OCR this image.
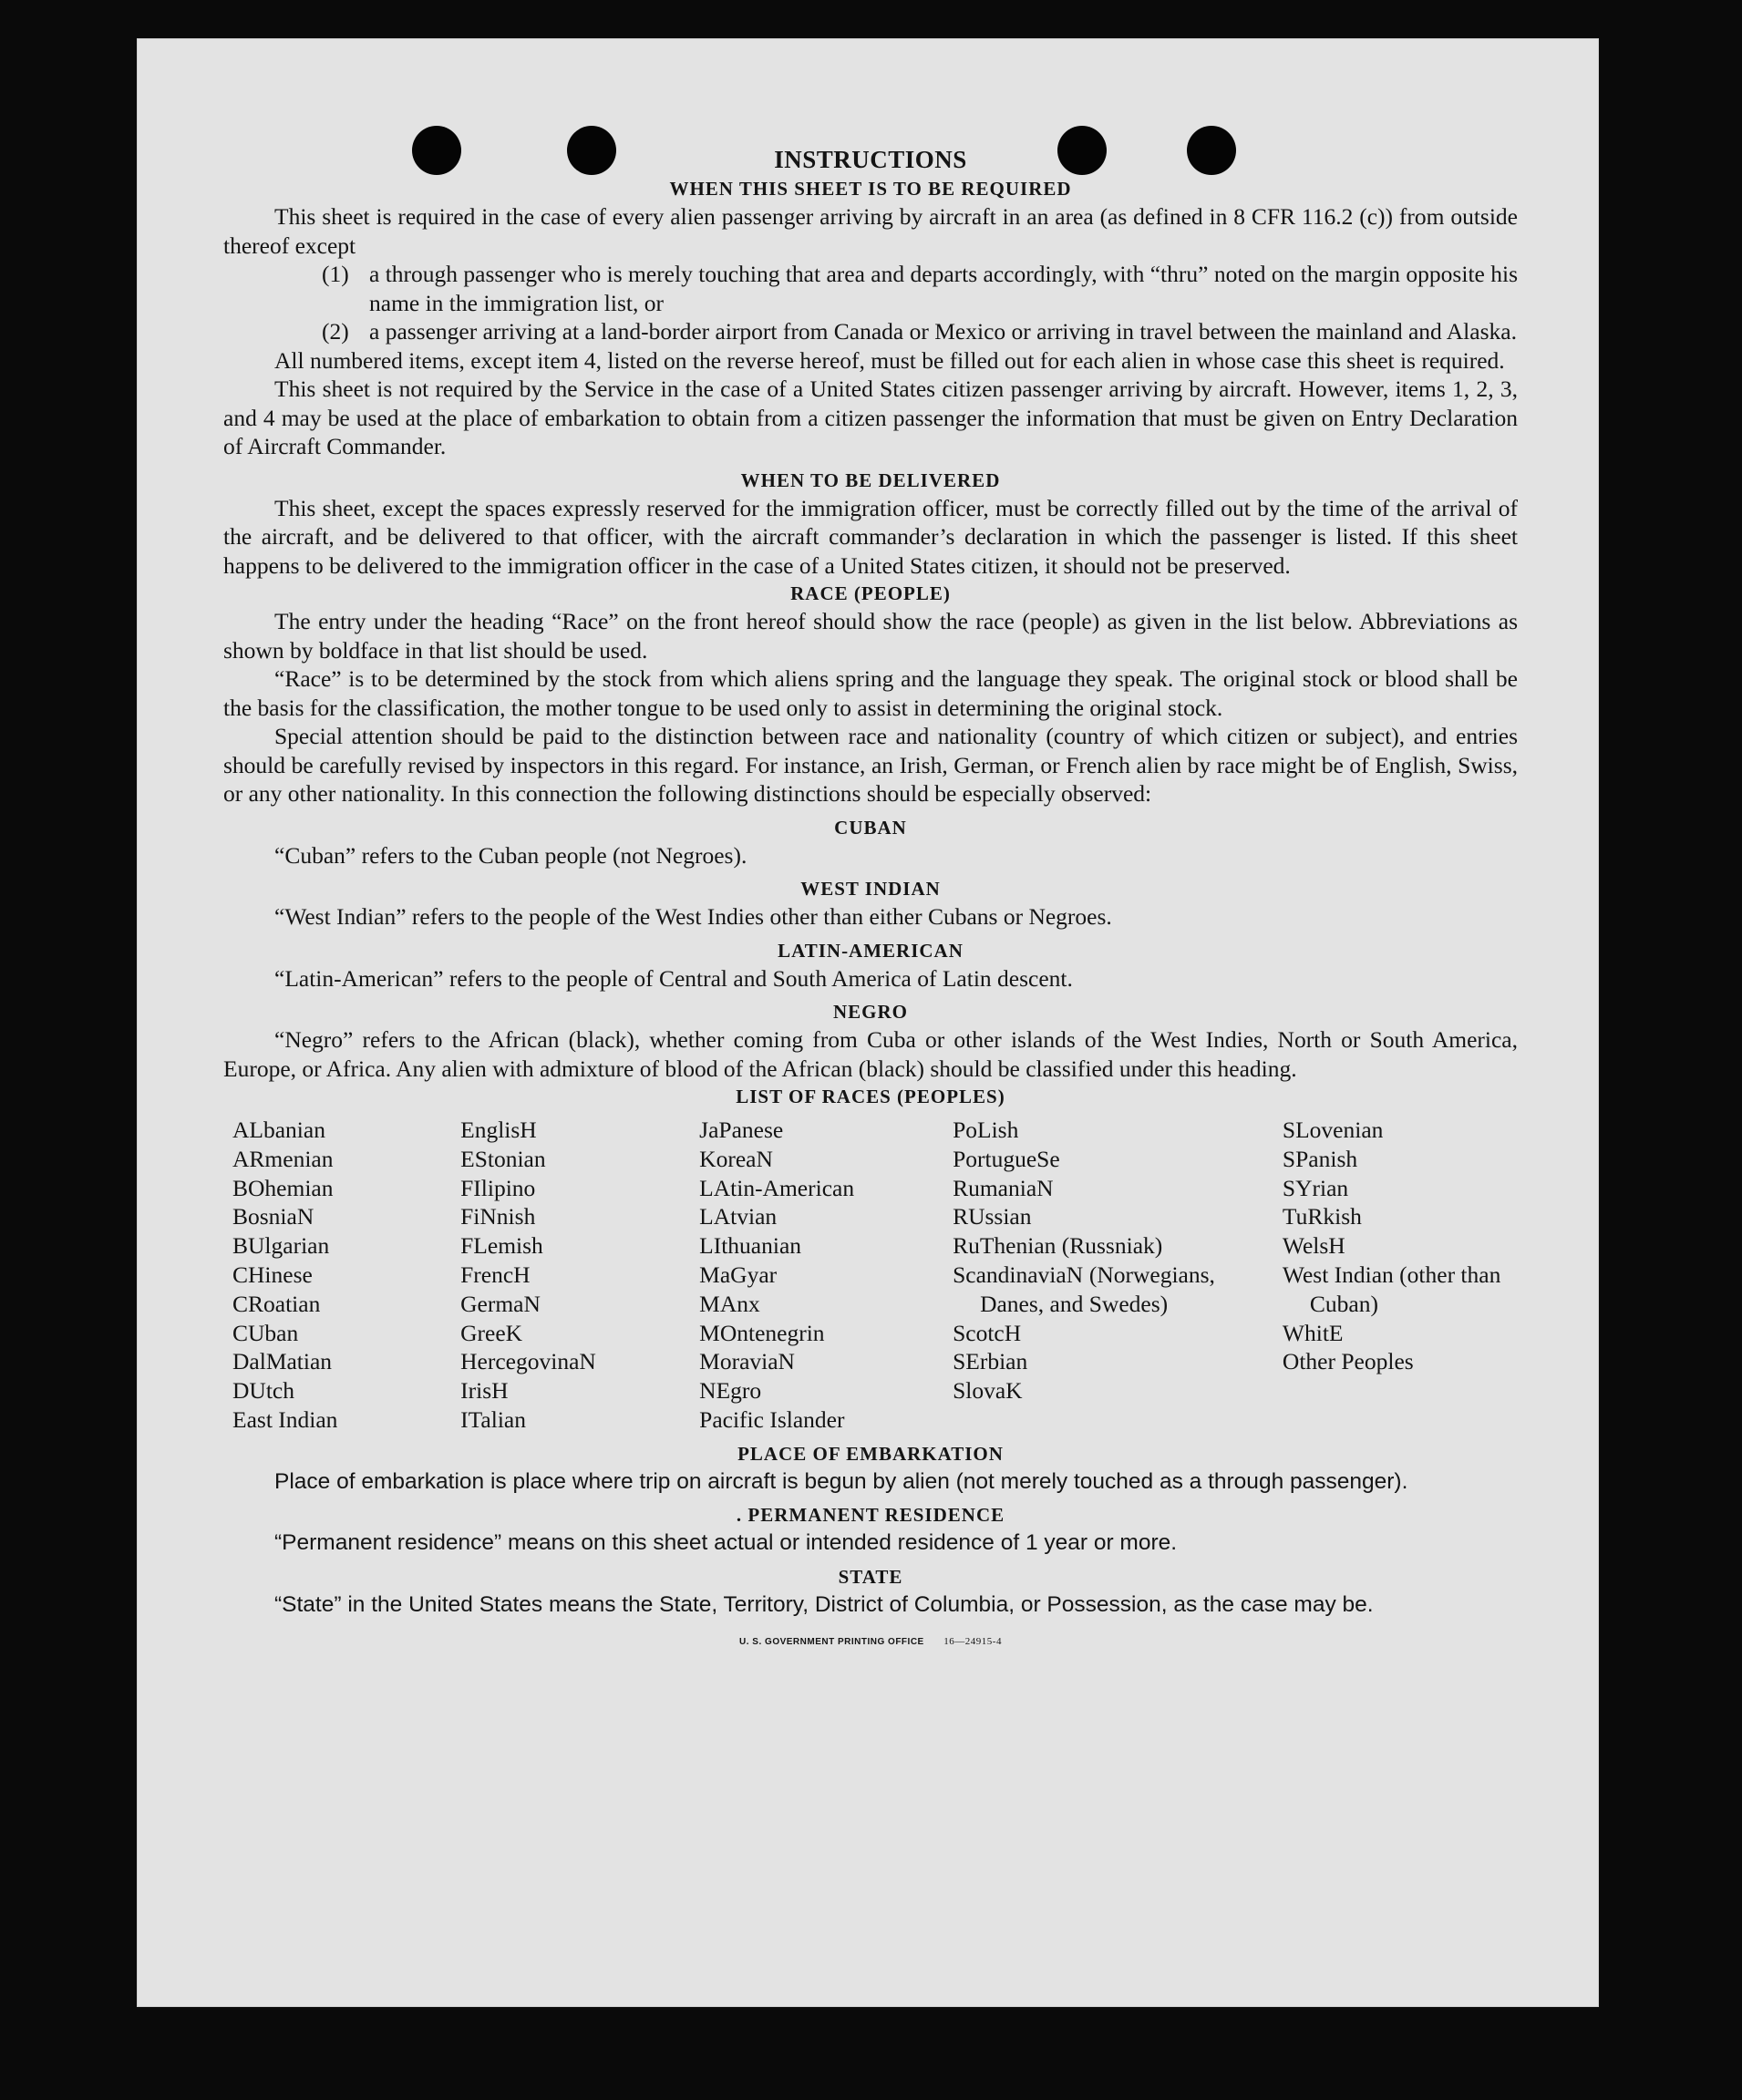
INSTRUCTIONS
WHEN THIS SHEET IS TO BE REQUIRED

This sheet is required in the case of every alien passenger arriving by aircraft in an area (as defined in 8 CFR 116.2 (c)) from outside thereof except

(1) a through passenger who is merely touching that area and departs accordingly, with “thru” noted on the margin opposite his name in the immigration list, or
(2) a passenger arriving at a land-border airport from Canada or Mexico or arriving in travel between the mainland and Alaska.

All numbered items, except item 4, listed on the reverse hereof, must be filled out for each alien in whose case this sheet is required.

This sheet is not required by the Service in the case of a United States citizen passenger arriving by aircraft. However, items 1, 2, 3, and 4 may be used at the place of embarkation to obtain from a citizen passenger the information that must be given on Entry Declaration of Aircraft Commander.

WHEN TO BE DELIVERED

This sheet, except the spaces expressly reserved for the immigration officer, must be correctly filled out by the time of the arrival of the aircraft, and be delivered to that officer, with the aircraft commander’s declaration in which the passenger is listed. If this sheet happens to be delivered to the immigration officer in the case of a United States citizen, it should not be preserved.

RACE (PEOPLE)

The entry under the heading “Race” on the front hereof should show the race (people) as given in the list below. Abbreviations as shown by boldface in that list should be used.

“Race” is to be determined by the stock from which aliens spring and the language they speak. The original stock or blood shall be the basis for the classification, the mother tongue to be used only to assist in determining the original stock.

Special attention should be paid to the distinction between race and nationality (country of which citizen or subject), and entries should be carefully revised by inspectors in this regard. For instance, an Irish, German, or French alien by race might be of English, Swiss, or any other nationality. In this connection the following distinctions should be especially observed:

CUBAN

“Cuban” refers to the Cuban people (not Negroes).

WEST INDIAN

“West Indian” refers to the people of the West Indies other than either Cubans or Negroes.

LATIN-AMERICAN

“Latin-American” refers to the people of Central and South America of Latin descent.

NEGRO

“Negro” refers to the African (black), whether coming from Cuba or other islands of the West Indies, North or South America, Europe, or Africa. Any alien with admixture of blood of the African (black) should be classified under this heading.

LIST OF RACES (PEOPLES)
ALbanian
ARmenian
BOhemian
BosniaN
BUlgarian
CHinese
CRoatian
CUban
DalMatian
DUtch
East Indian
EnglisH
EStonian
FIlipino
FiNnish
FLemish
FrencH
GermaN
GreeK
HercegovinaN
IrisH
ITalian
JaPanese
KoreaN
LAtin-American
LAtvian
LIthuanian
MaGyar
MAnx
MOntenegrin
MoraviaN
NEgro
Pacific Islander
PoLish
PortugueSe
RumaniaN
RUssian
RuThenian (Russniak)
ScandinaviaN (Norwegians, Danes, and Swedes)
ScotcH
SErbian
SlovaK
SLovenian
SPanish
SYrian
TuRkish
WelsH
West Indian (other than Cuban)
WhitE
Other Peoples
PLACE OF EMBARKATION

Place of embarkation is place where trip on aircraft is begun by alien (not merely touched as a through passenger).

. PERMANENT RESIDENCE

“Permanent residence” means on this sheet actual or intended residence of 1 year or more.

STATE

“State” in the United States means the State, Territory, District of Columbia, or Possession, as the case may be.

U. S. GOVERNMENT PRINTING OFFICE 16—24915-4
